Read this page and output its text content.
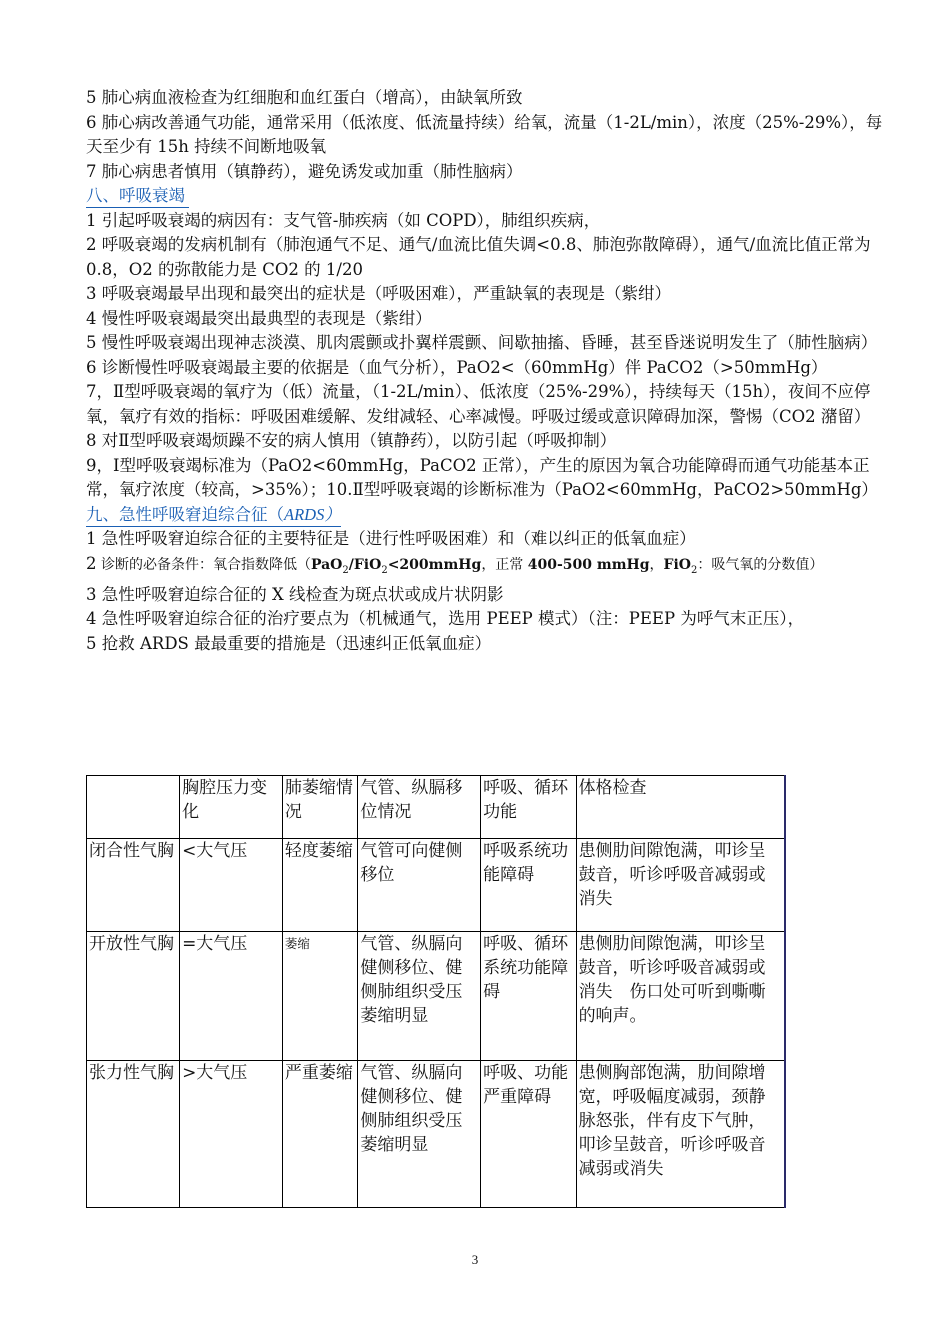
5 肺心病血液检查为红细胞和血红蛋白（增高），由缺氧所致

6 肺心病改善通气功能，通常采用（低浓度、低流量持续）给氧，流量（1-2L/min），浓度（25%-29%），每天至少有 15h 持续不间断地吸氧

7 肺心病患者慎用（镇静药），避免诱发或加重（肺性脑病）

八、呼吸衰竭

1 引起呼吸衰竭的病因有：支气管-肺疾病（如 COPD），肺组织疾病，

2 呼吸衰竭的发病机制有（肺泡通气不足、通气/血流比值失调<0.8、肺泡弥散障碍），通气/血流比值正常为 0.8，O2 的弥散能力是 CO2 的 1/20

3 呼吸衰竭最早出现和最突出的症状是（呼吸困难），严重缺氧的表现是（紫绀）

4 慢性呼吸衰竭最突出最典型的表现是（紫绀）

5 慢性呼吸衰竭出现神志淡漠、肌肉震颤或扑翼样震颤、间歇抽搐、昏睡，甚至昏迷说明发生了（肺性脑病）

6 诊断慢性呼吸衰竭最主要的依据是（血气分析），PaO2<（60mmHg）伴 PaCO2（>50mmHg）

7，Ⅱ型呼吸衰竭的氧疗为（低）流量，（1-2L/min）、低浓度（25%-29%），持续每天（15h），夜间不应停氧，氧疗有效的指标：呼吸困难缓解、发绀减轻、心率减慢。呼吸过缓或意识障碍加深，警惕（CO2 潴留）

8 对Ⅱ型呼吸衰竭烦躁不安的病人慎用（镇静药），以防引起（呼吸抑制）

9，Ⅰ型呼吸衰竭标准为（PaO2<60mmHg，PaCO2 正常），产生的原因为氧合功能障碍而通气功能基本正常，氧疗浓度（较高，>35%）；10.Ⅱ型呼吸衰竭的诊断标准为（PaO2<60mmHg，PaCO2>50mmHg）

九、急性呼吸窘迫综合征（ARDS）

1 急性呼吸窘迫综合征的主要特征是（进行性呼吸困难）和（难以纠正的低氧血症）

2 诊断的必备条件：氧合指数降低（PaO$_2$/FiO$_2$<200mmHg，正常 400-500 mmHg，FiO$_2$：吸气氧的分数值）

3 急性呼吸窘迫综合征的 X 线检查为斑点状或成片状阴影

4 急性呼吸窘迫综合征的治疗要点为（机械通气，选用 PEEP 模式）（注：PEEP 为呼气末正压），

5 抢救 ARDS 最最重要的措施是（迅速纠正低氧血症）

	胸腔压力变化	肺萎缩情况	气管、纵膈移位情况	呼吸、循环功能	体格检查
闭合性气胸	<大气压	轻度萎缩	气管可向健侧移位	呼吸系统功能障碍	患侧肋间隙饱满，叩诊呈鼓音，听诊呼吸音减弱或消失
开放性气胸	=大气压	萎缩	气管、纵膈向健侧移位、健侧肺组织受压萎缩明显	呼吸、循环系统功能障碍	患侧肋间隙饱满，叩诊呈鼓音，听诊呼吸音减弱或消失　伤口处可听到嘶嘶的响声。
张力性气胸	>大气压	严重萎缩	气管、纵膈向健侧移位、健侧肺组织受压萎缩明显	呼吸、功能严重障碍	患侧胸部饱满，肋间隙增宽，呼吸幅度减弱，颈静脉怒张，伴有皮下气肿，叩诊呈鼓音，听诊呼吸音减弱或消失
3
